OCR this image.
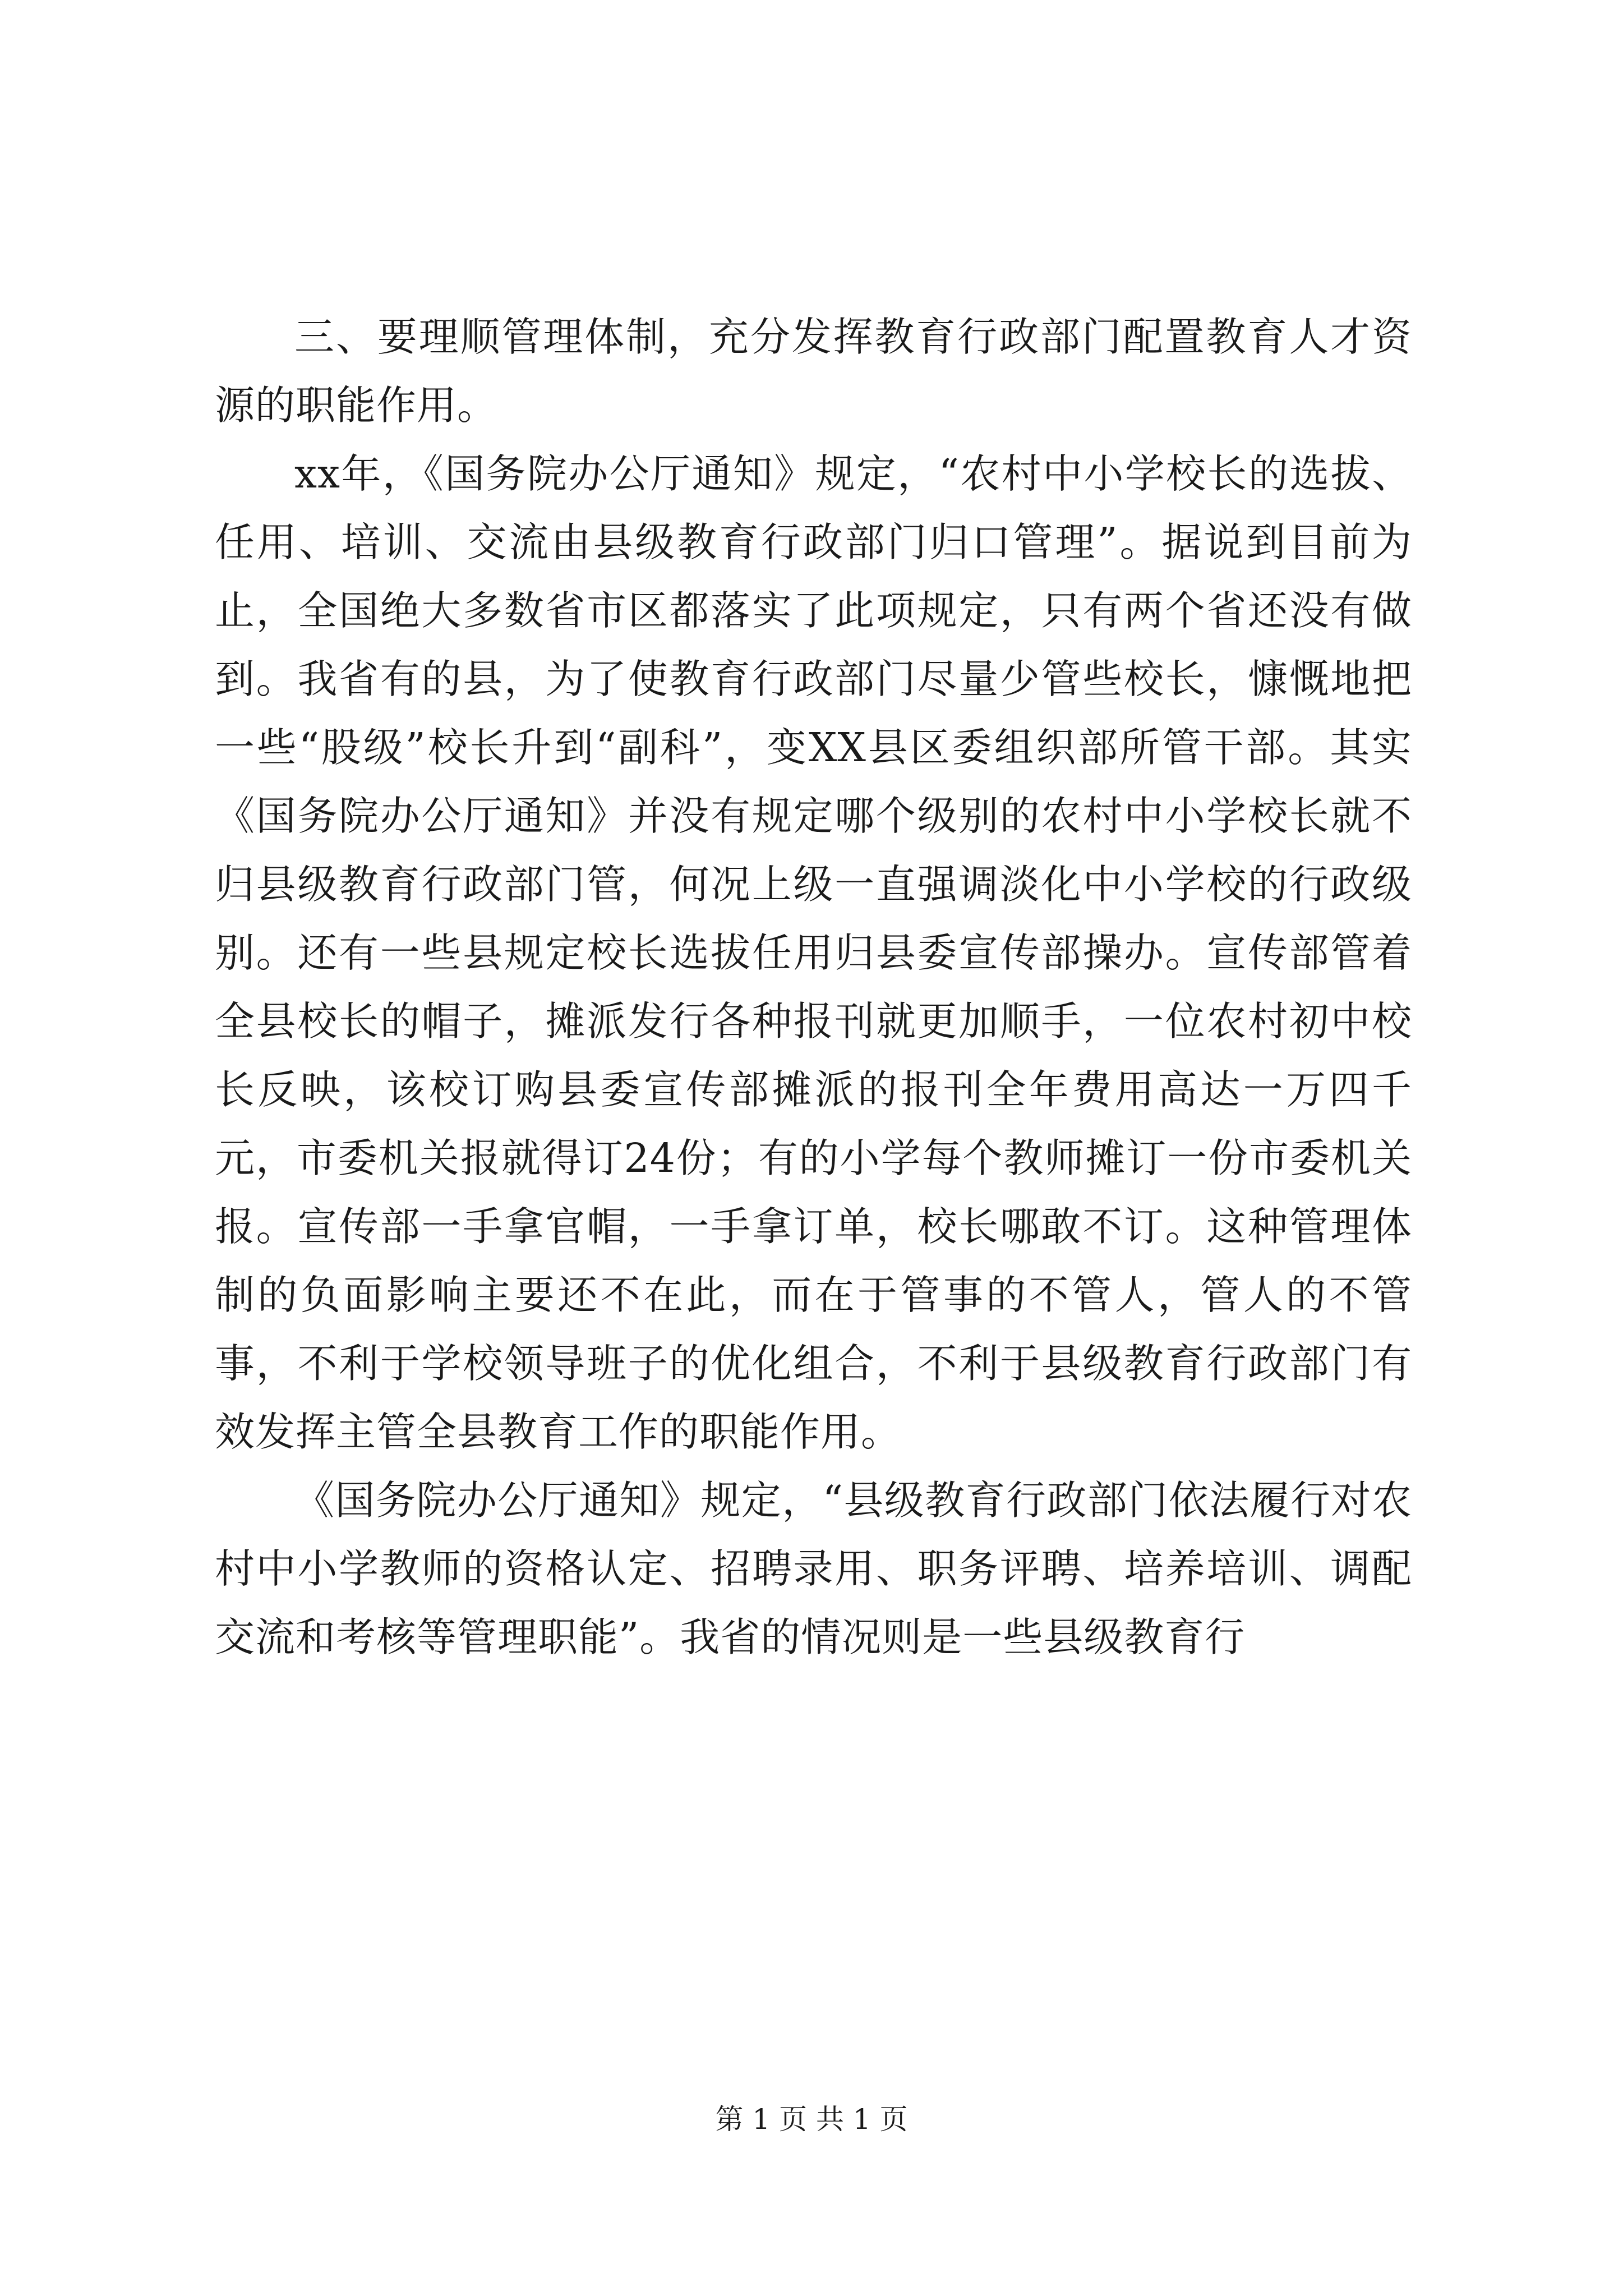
三、要理顺管理体制，充分发挥教育行政部门配置教育人才资源的职能作用。

xx年，《国务院办公厅通知》规定，“农村中小学校长的选拔、任用、培训、交流由县级教育行政部门归口管理”。据说到目前为止，全国绝大多数省市区都落实了此项规定，只有两个省还没有做到。我省有的县，为了使教育行政部门尽量少管些校长，慷慨地把一些“股级”校长升到“副科”，变XX县区委组织部所管干部。其实《国务院办公厅通知》并没有规定哪个级别的农村中小学校长就不归县级教育行政部门管，何况上级一直强调淡化中小学校的行政级别。还有一些县规定校长选拔任用归县委宣传部操办。宣传部管着全县校长的帽子，摊派发行各种报刊就更加顺手，一位农村初中校长反映，该校订购县委宣传部摊派的报刊全年费用高达一万四千元，市委机关报就得订24份；有的小学每个教师摊订一份市委机关报。宣传部一手拿官帽，一手拿订单，校长哪敢不订。这种管理体制的负面影响主要还不在此，而在于管事的不管人，管人的不管事，不利于学校领导班子的优化组合，不利于县级教育行政部门有效发挥主管全县教育工作的职能作用。

《国务院办公厅通知》规定，“县级教育行政部门依法履行对农村中小学教师的资格认定、招聘录用、职务评聘、培养培训、调配交流和考核等管理职能”。我省的情况则是一些县级教育行

第 1 页 共 1 页
